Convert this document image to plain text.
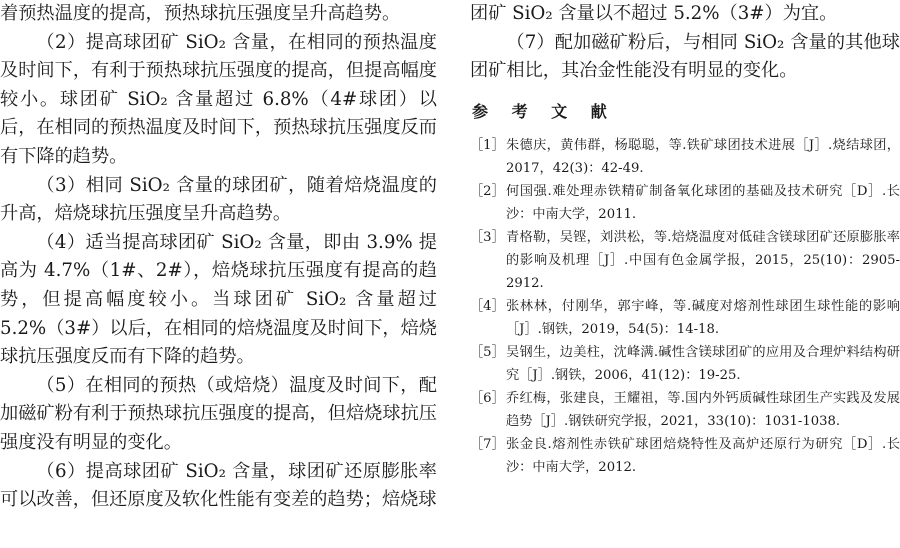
着预热温度的提高，预热球抗压强度呈升高趋势。

（2）提高球团矿 SiO₂ 含量，在相同的预热温度及时间下，有利于预热球抗压强度的提高，但提高幅度较小。球团矿 SiO₂ 含量超过 6.8%（4#球团）以后，在相同的预热温度及时间下，预热球抗压强度反而有下降的趋势。

（3）相同 SiO₂ 含量的球团矿，随着焙烧温度的升高，焙烧球抗压强度呈升高趋势。

（4）适当提高球团矿 SiO₂ 含量，即由 3.9% 提高为 4.7%（1#、2#），焙烧球抗压强度有提高的趋势，但提高幅度较小。当球团矿 SiO₂ 含量超过 5.2%（3#）以后，在相同的焙烧温度及时间下，焙烧球抗压强度反而有下降的趋势。

（5）在相同的预热（或焙烧）温度及时间下，配加磁矿粉有利于预热球抗压强度的提高，但焙烧球抗压强度没有明显的变化。

（6）提高球团矿 SiO₂ 含量，球团矿还原膨胀率可以改善，但还原度及软化性能有变差的趋势；焙烧球

团矿 SiO₂ 含量以不超过 5.2%（3#）为宜。

（7）配加磁矿粉后，与相同 SiO₂ 含量的其他球团矿相比，其冶金性能没有明显的变化。

参 考 文 献
［1］ 朱德庆，黄伟群，杨聪聪，等.铁矿球团技术进展［J］.烧结球团，2017，42(3)：42-49.
［2］ 何国强.难处理赤铁精矿制备氧化球团的基础及技术研究［D］.长沙：中南大学，2011.
［3］ 青格勒，吴铿，刘洪松，等.焙烧温度对低硅含镁球团矿还原膨胀率的影响及机理［J］.中国有色金属学报，2015，25(10)：2905-2912.
［4］ 张林林，付刚华，郭宇峰，等.碱度对熔剂性球团生球性能的影响［J］.钢铁，2019，54(5)：14-18.
［5］ 吴钢生，边美柱，沈峰满.碱性含镁球团矿的应用及合理炉料结构研究［J］.钢铁，2006，41(12)：19-25.
［6］ 乔红梅，张建良，王耀祖，等.国内外钙质碱性球团生产实践及发展趋势［J］.钢铁研究学报，2021，33(10)：1031-1038.
［7］ 张金良.熔剂性赤铁矿球团焙烧特性及高炉还原行为研究［D］.长沙：中南大学，2012.
